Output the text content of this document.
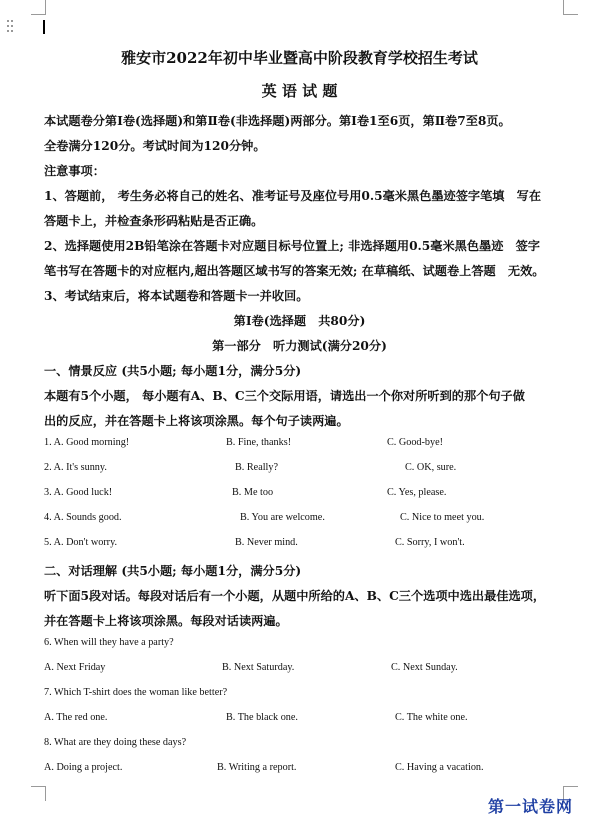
雅安市2022年初中毕业暨高中阶段教育学校招生考试
英 语 试 题
本试题卷分第Ⅰ卷(选择题)和第Ⅱ卷(非选择题)两部分。第Ⅰ卷1至6页，第Ⅱ卷7至8页。
全卷满分120分。考试时间为120分钟。
注意事项：
1、答题前， 考生务必将自己的姓名、准考证号及座位号用0.5毫米黑色墨迹签字笔填　写在
答题卡上，并检查条形码粘贴是否正确。
2、选择题使用2B铅笔涂在答题卡对应题目标号位置上; 非选择题用0.5毫米黑色墨迹　签字
笔书写在答题卡的对应框内,超出答题区域书写的答案无效; 在草稿纸、试题卷上答题　无效。
3、考试结束后，将本试题卷和答题卡一并收回。
第Ⅰ卷(选择题　共80分)
第一部分　听力测试(满分20分)
一、情景反应 (共5小题; 每小题1分，满分5分)
本题有5个小题， 每小题有A、B、C三个交际用语，请选出一个你对所听到的那个句子做
出的反应，并在答题卡上将该项涂黑。每个句子读两遍。
1. A. Good morning!	B. Fine, thanks!	C. Good-bye!
2. A. It's sunny.	B. Really?	C. OK, sure.
3. A. Good luck!	B. Me too	C. Yes, please.
4. A. Sounds good.	B. You are welcome.	C. Nice to meet you.
5. A. Don't worry.	B. Never mind.	C. Sorry, I won't.
二、对话理解 (共5小题; 每小题1分，满分5分)
听下面5段对话。每段对话后有一个小题，从题中所给的A、B、C三个选项中选出最佳选项，
并在答题卡上将该项涂黑。每段对话读两遍。
6. When will they have a party?
A. Next Friday	B. Next Saturday.	C. Next Sunday.
7. Which T-shirt does the woman like better?
A. The red one.	B. The black one.	C. The white one.
8. What are they doing these days?
A. Doing a project.	B. Writing a report.	C. Having a vacation.
第一试卷网
